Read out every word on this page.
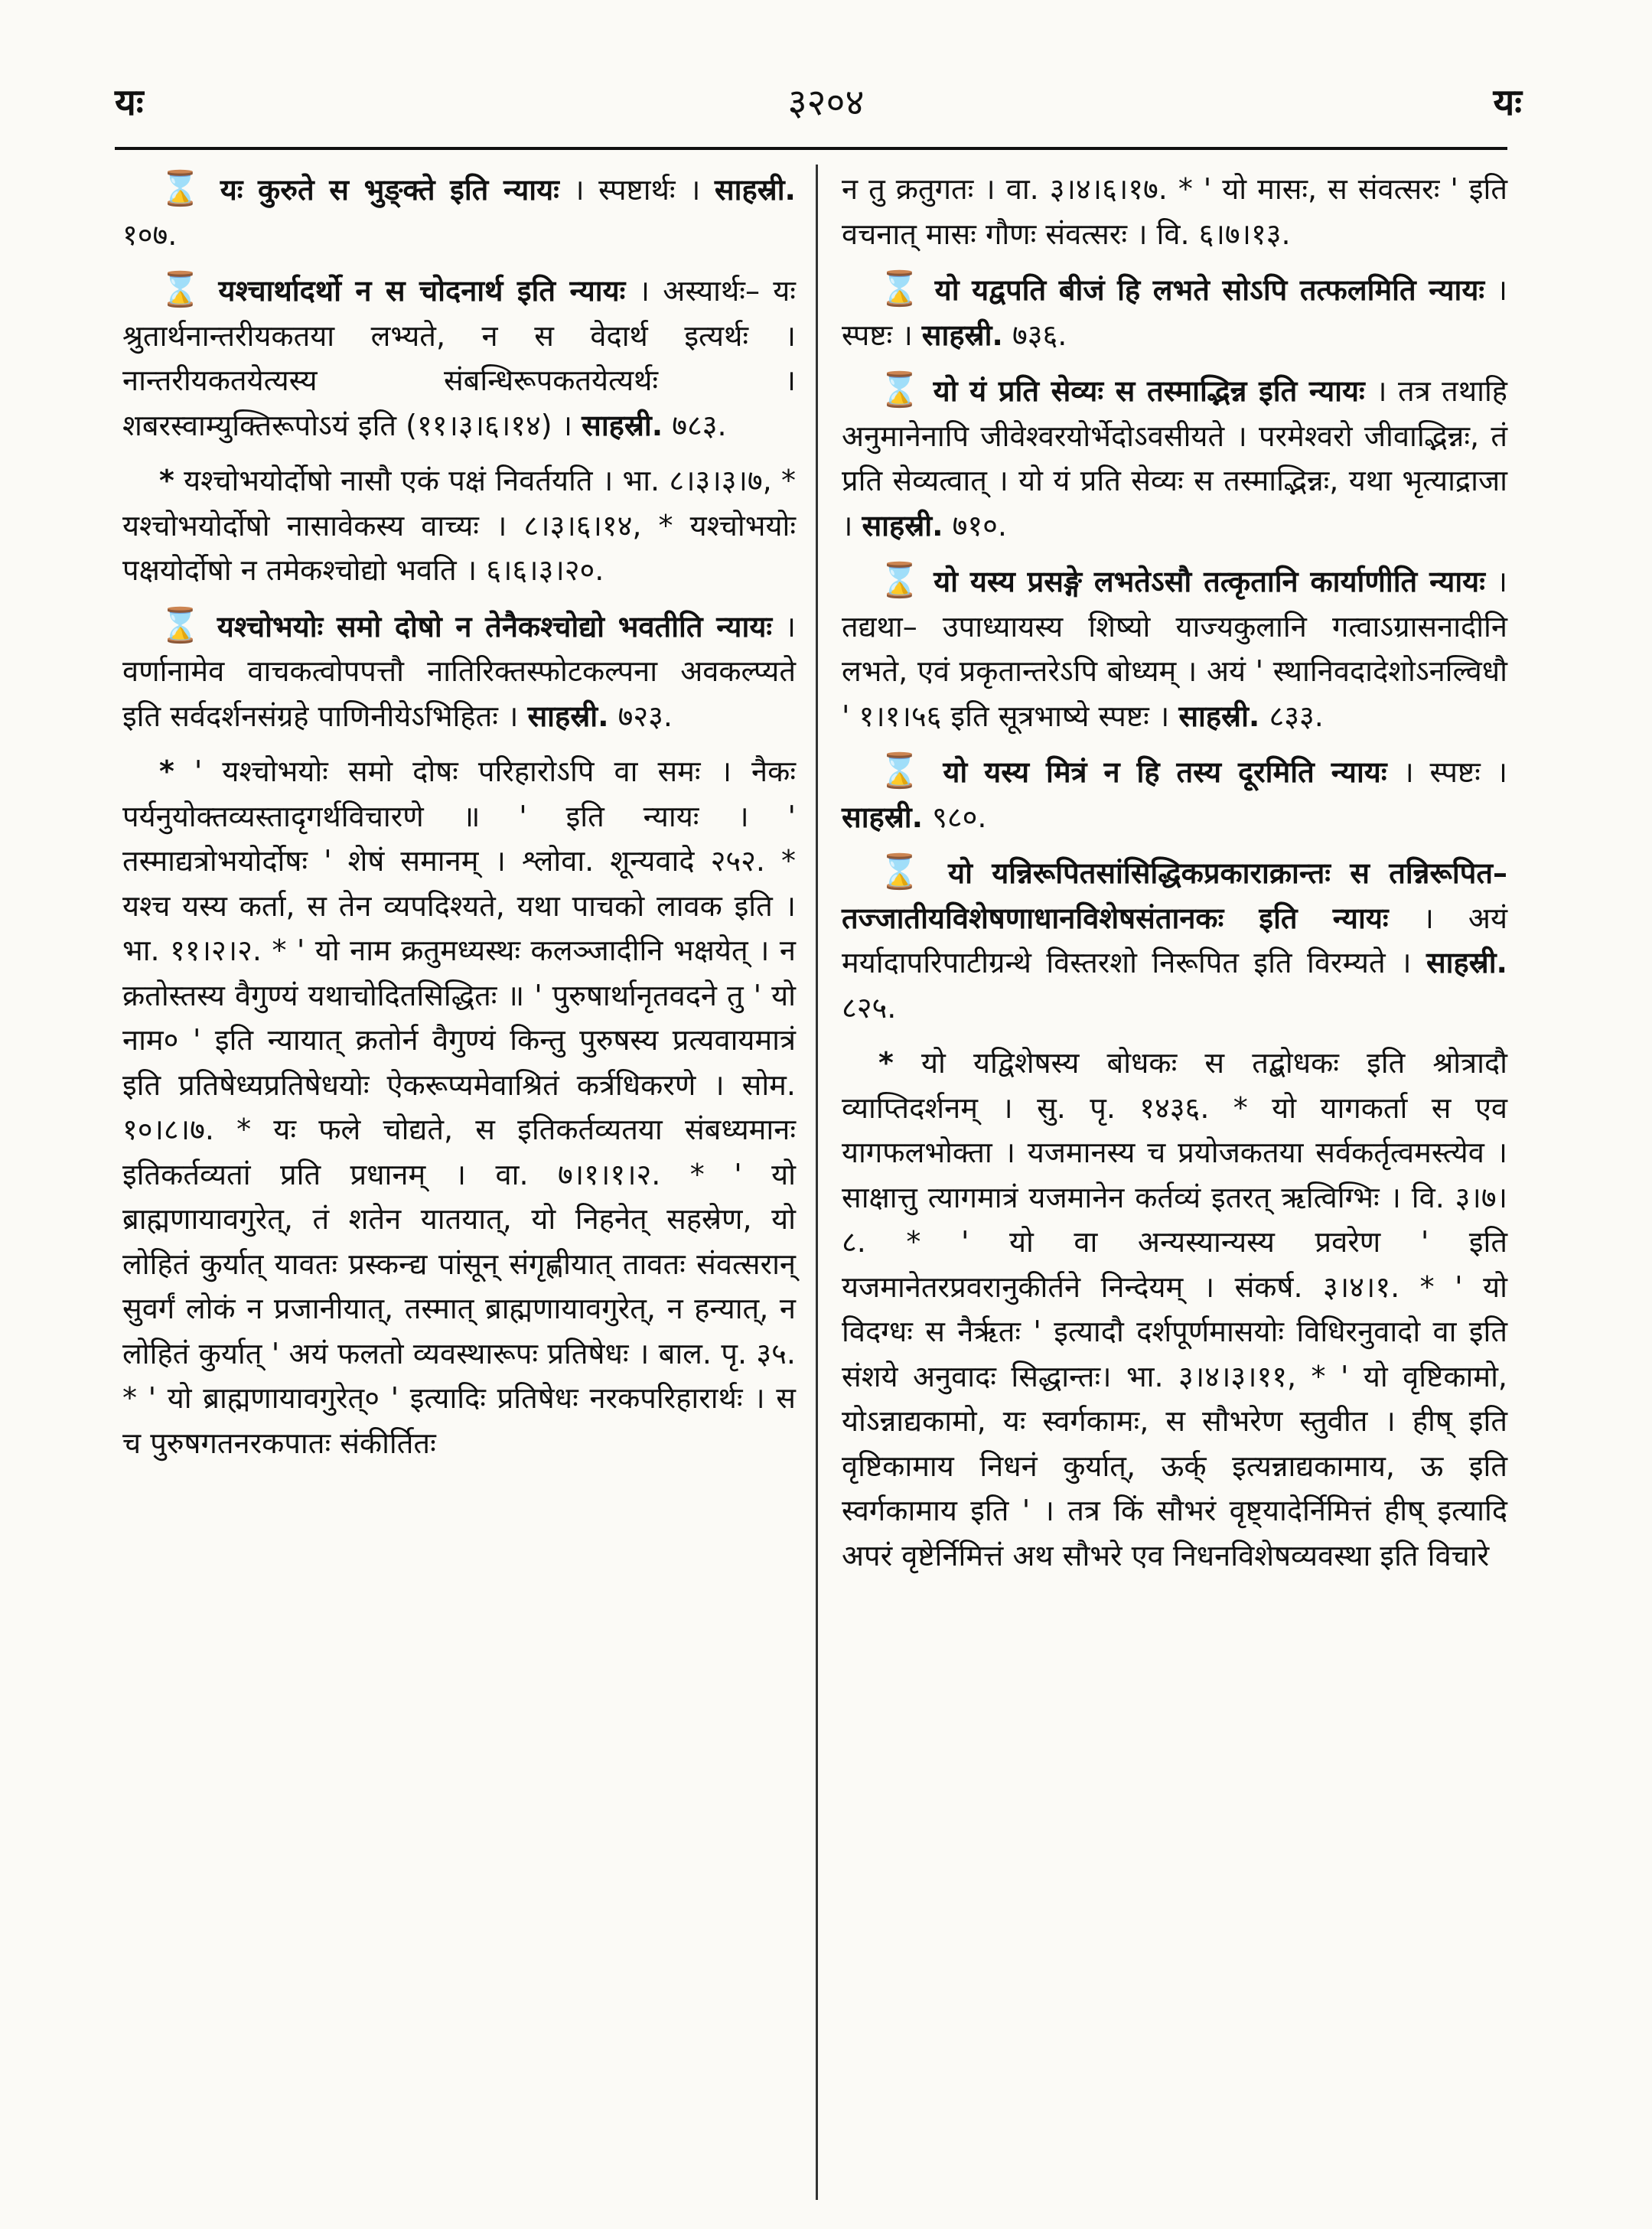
यः	३२०४	यः

⌛ यः कुरुते स भुङ्क्ते इति न्यायः । स्पष्टार्थः । साहस्री. १०७.

⌛ यश्चार्थादर्थो न स चोदनार्थ इति न्यायः । अस्यार्थः– यः श्रुतार्थनान्तरीयकतया लभ्यते, न स वेदार्थ इत्यर्थः । नान्तरीयकतयेत्यस्य संबन्धिरूपकतयेत्यर्थः । शबरस्वाम्युक्तिरूपोऽयं इति (११।३।६।१४) । साहस्री. ७८३.

* यश्चोभयोर्दोषो नासौ एकं पक्षं निवर्तयति । भा. ८।३।३।७, * यश्चोभयोर्दोषो नासावेकस्य वाच्यः । ८।३।६।१४, * यश्चोभयोः पक्षयोर्दोषो न तमेकश्चोद्यो भवति । ६।६।३।२०.

⌛ यश्चोभयोः समो दोषो न तेनैकश्चोद्यो भवतीति न्यायः । वर्णानामेव वाचकत्वोपपत्तौ नातिरिक्तस्फोटकल्पना अवकल्प्यते इति सर्वदर्शनसंग्रहे पाणिनीयेऽभिहितः । साहस्री. ७२३.

* ' यश्चोभयोः समो दोषः परिहारोऽपि वा समः । नैकः पर्यनुयोक्तव्यस्तादृगर्थविचारणे ॥ ' इति न्यायः । ' तस्माद्यत्रोभयोर्दोषः ' शेषं समानम् । श्लोवा. शून्यवादे २५२. * यश्च यस्य कर्ता, स तेन व्यपदिश्यते, यथा पाचको लावक इति । भा. ११।२।२. * ' यो नाम क्रतुमध्यस्थः कलञ्जादीनि भक्षयेत् । न क्रतोस्तस्य वैगुण्यं यथाचोदितसिद्धितः ॥ ' पुरुषार्थानृतवदने तु ' यो नाम० ' इति न्यायात् क्रतोर्न वैगुण्यं किन्तु पुरुषस्य प्रत्यवायमात्रं इति प्रतिषेध्यप्रतिषेधयोः ऐकरूप्यमेवाश्रितं कर्त्रधिकरणे । सोम. १०।८।७. * यः फले चोद्यते, स इतिकर्तव्यतया संबध्यमानः इतिकर्तव्यतां प्रति प्रधानम् । वा. ७।१।१।२. * ' यो ब्राह्मणायावगुरेत्, तं शतेन यातयात्, यो निहनेत् सहस्रेण, यो लोहितं कुर्यात् यावतः प्रस्कन्द्य पांसून् संगृह्णीयात् तावतः संवत्सरान् सुवर्गं लोकं न प्रजानीयात्, तस्मात् ब्राह्मणायावगुरेत्, न हन्यात्, न लोहितं कुर्यात् ' अयं फलतो व्यवस्थारूपः प्रतिषेधः । बाल. पृ. ३५. * ' यो ब्राह्मणायावगुरेत्० ' इत्यादिः प्रतिषेधः नरकपरिहारार्थः । स च पुरुषगतनरकपातः संकीर्तितः

न तु क्रतुगतः । वा. ३।४।६।१७. * ' यो मासः, स संवत्सरः ' इति वचनात् मासः गौणः संवत्सरः । वि. ६।७।१३.

⌛ यो यद्वपति बीजं हि लभते सोऽपि तत्फलमिति न्यायः । स्पष्टः । साहस्री. ७३६.

⌛ यो यं प्रति सेव्यः स तस्माद्भिन्न इति न्यायः । तत्र तथाहि अनुमानेनापि जीवेश्वरयोर्भेदोऽवसीयते । परमेश्वरो जीवाद्भिन्नः, तं प्रति सेव्यत्वात् । यो यं प्रति सेव्यः स तस्माद्भिन्नः, यथा भृत्याद्राजा । साहस्री. ७१०.

⌛ यो यस्य प्रसङ्गे लभतेऽसौ तत्कृतानि कार्याणीति न्यायः । तद्यथा– उपाध्यायस्य शिष्यो याज्यकुलानि गत्वाऽग्रासनादीनि लभते, एवं प्रकृतान्तरेऽपि बोध्यम् । अयं ' स्थानिवदादेशोऽनल्विधौ ' १।१।५६ इति सूत्रभाष्ये स्पष्टः । साहस्री. ८३३.

⌛ यो यस्य मित्रं न हि तस्य दूरमिति न्यायः । स्पष्टः । साहस्री. ९८०.

⌛ यो यन्निरूपितसांसिद्धिकप्रकाराक्रान्तः स तन्निरूपित–तज्जातीयविशेषणाधानविशेषसंतानकः इति न्यायः । अयं मर्यादापरिपाटीग्रन्थे विस्तरशो निरूपित इति विरम्यते । साहस्री. ८२५.

* यो यद्विशेषस्य बोधकः स तद्बोधकः इति श्रोत्रादौ व्याप्तिदर्शनम् । सु. पृ. १४३६. * यो यागकर्ता स एव यागफलभोक्ता । यजमानस्य च प्रयोजकतया सर्वकर्तृत्वमस्त्येव । साक्षात्तु त्यागमात्रं यजमानेन कर्तव्यं इतरत् ऋत्विग्भिः । वि. ३।७।८. * ' यो वा अन्यस्यान्यस्य प्रवरेण ' इति यजमानेतरप्रवरानुकीर्तने निन्देयम् । संकर्ष. ३।४।१. * ' यो विदग्धः स नैर्ऋतः ' इत्यादौ दर्शपूर्णमासयोः विधिरनुवादो वा इति संशये अनुवादः सिद्धान्तः। भा. ३।४।३।११, * ' यो वृष्टिकामो, योऽन्नाद्यकामो, यः स्वर्गकामः, स सौभरेण स्तुवीत । हीष् इति वृष्टिकामाय निधनं कुर्यात्, ऊर्क् इत्यन्नाद्यकामाय, ऊ इति स्वर्गकामाय इति ' । तत्र किं सौभरं वृष्ट्यादेर्निमित्तं हीष् इत्यादि अपरं वृष्टेर्निमित्तं अथ सौभरे एव निधनविशेषव्यवस्था इति विचारे
